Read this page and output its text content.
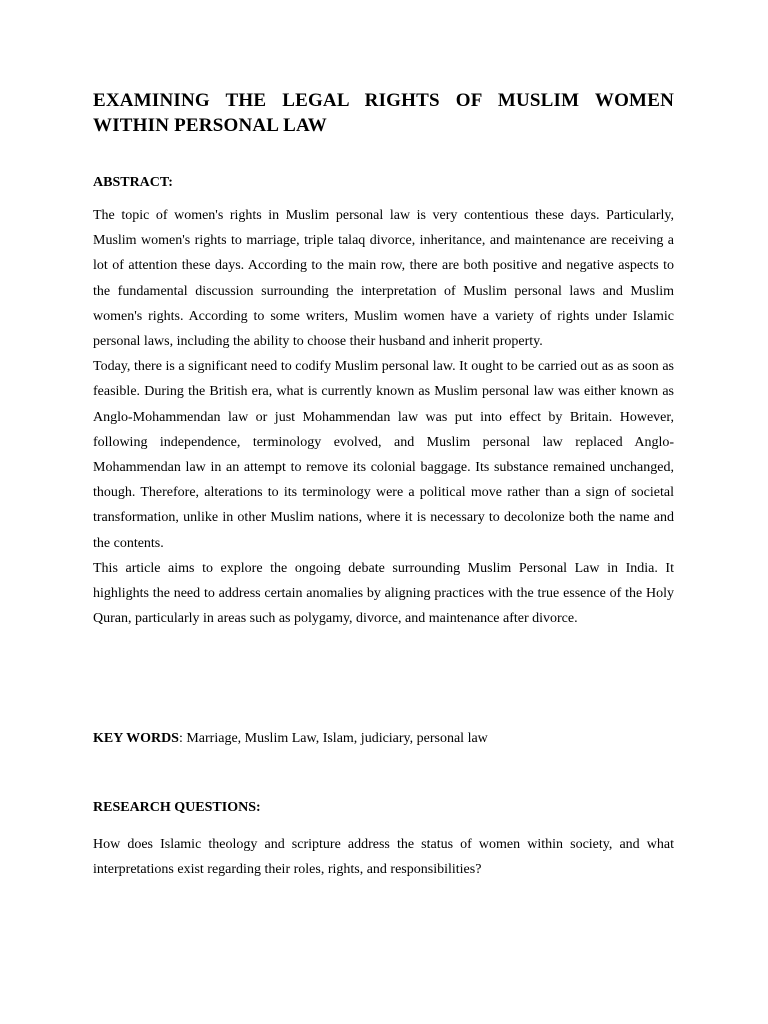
EXAMINING THE LEGAL RIGHTS OF MUSLIM WOMEN WITHIN PERSONAL LAW
ABSTRACT:

The topic of women's rights in Muslim personal law is very contentious these days. Particularly, Muslim women's rights to marriage, triple talaq divorce, inheritance, and maintenance are receiving a lot of attention these days. According to the main row, there are both positive and negative aspects to the fundamental discussion surrounding the interpretation of Muslim personal laws and Muslim women's rights. According to some writers, Muslim women have a variety of rights under Islamic personal laws, including the ability to choose their husband and inherit property.

Today, there is a significant need to codify Muslim personal law. It ought to be carried out as as soon as feasible. During the British era, what is currently known as Muslim personal law was either known as Anglo-Mohammendan law or just Mohammendan law was put into effect by Britain. However, following independence, terminology evolved, and Muslim personal law replaced Anglo-Mohammendan law in an attempt to remove its colonial baggage. Its substance remained unchanged, though. Therefore, alterations to its terminology were a political move rather than a sign of societal transformation, unlike in other Muslim nations, where it is necessary to decolonize both the name and the contents.

This article aims to explore the ongoing debate surrounding Muslim Personal Law in India. It highlights the need to address certain anomalies by aligning practices with the true essence of the Holy Quran, particularly in areas such as polygamy, divorce, and maintenance after divorce.

KEY WORDS: Marriage, Muslim Law, Islam, judiciary, personal law

RESEARCH QUESTIONS:

How does Islamic theology and scripture address the status of women within society, and what interpretations exist regarding their roles, rights, and responsibilities?
